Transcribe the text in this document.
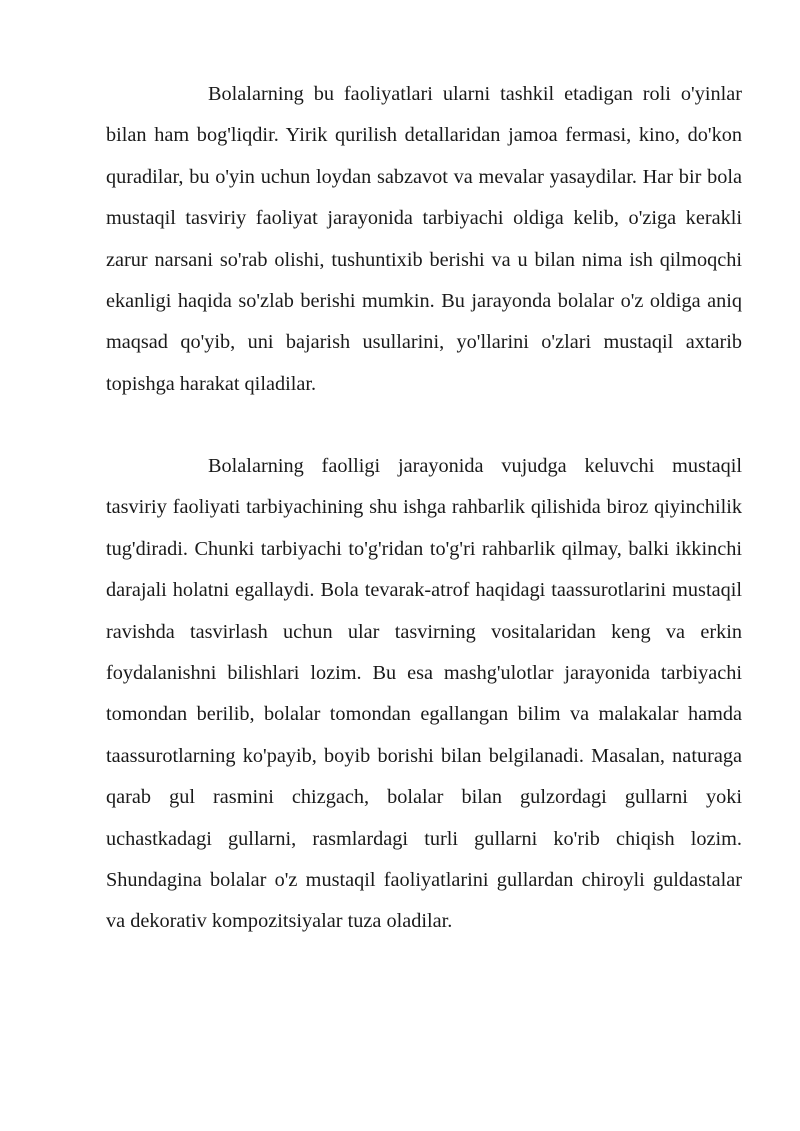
Bolalarning bu faoliyatlari ularni tashkil etadigan roli o'yinlar bilan ham bog'liqdir. Yirik qurilish detallaridan jamoa fermasi, kino, do'kon quradilar, bu o'yin uchun loydan sabzavot va mevalar yasaydilar. Har bir bola mustaqil tasviriy faoliyat jarayonida tarbiyachi oldiga kelib, o'ziga kerakli zarur narsani so'rab olishi, tushuntixib berishi va u bilan nima ish qilmoqchi ekanligi haqida so'zlab berishi mumkin. Bu jarayonda bolalar o'z oldiga aniq maqsad qo'yib, uni bajarish usullarini, yo'llarini o'zlari mustaqil axtarib topishga harakat qiladilar.

Bolalarning faolligi jarayonida vujudga keluvchi mustaqil tasviriy faoliyati tarbiyachining shu ishga rahbarlik qilishida biroz qiyinchilik tug'diradi. Chunki tarbiyachi to'g'ridan to'g'ri rahbarlik qilmay, balki ikkinchi darajali holatni egallaydi. Bola tevarak-atrof haqidagi taassurotlarini mustaqil ravishda tasvirlash uchun ular tasvirning vositalaridan keng va erkin foydalanishni bilishlari lozim. Bu esa mashg'ulotlar jarayonida tarbiyachi tomondan berilib, bolalar tomondan egallangan bilim va malakalar hamda taassurotlarning ko'payib, boyib borishi bilan belgilanadi. Masalan, naturaga qarab gul rasmini chizgach, bolalar bilan gulzordagi gullarni yoki uchastkadagi gullarni, rasmlardagi turli gullarni ko'rib chiqish lozim. Shundagina bolalar o'z mustaqil faoliyatlarini gullardan chiroyli guldastalar va dekorativ kompozitsiyalar tuza oladilar.
